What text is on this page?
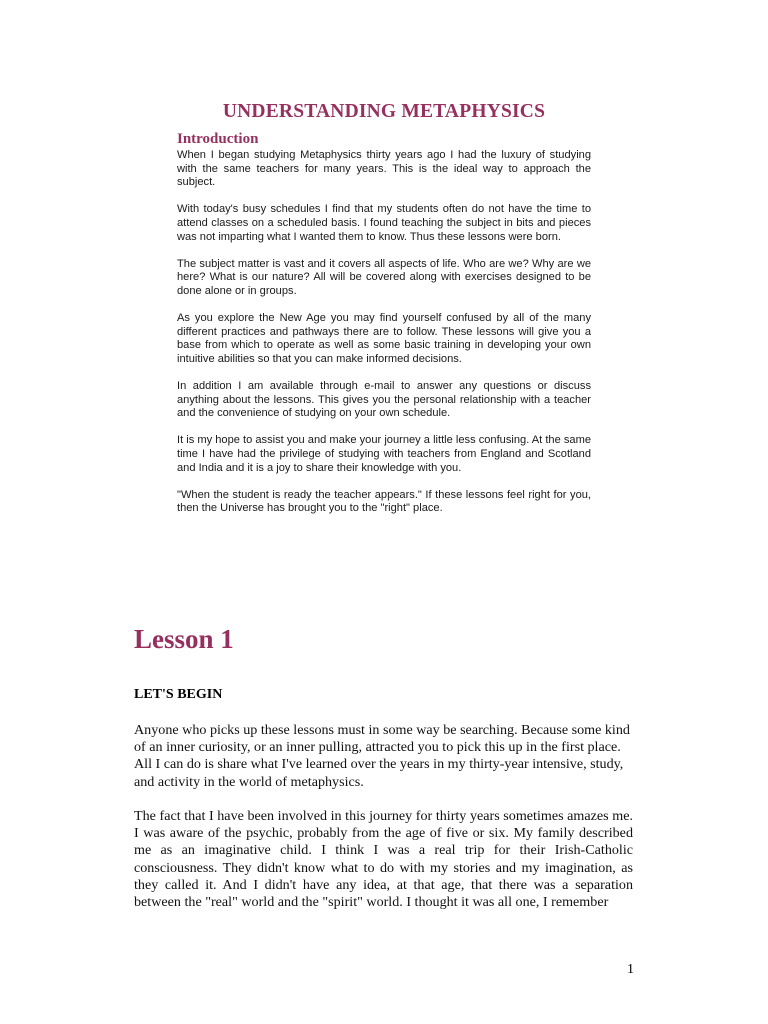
UNDERSTANDING METAPHYSICS
Introduction

When I began studying Metaphysics thirty years ago I had the luxury of studying with the same teachers for many years. This is the ideal way to approach the subject.

With today's busy schedules I find that my students often do not have the time to attend classes on a scheduled basis. I found teaching the subject in bits and pieces was not imparting what I wanted them to know. Thus these lessons were born.

The subject matter is vast and it covers all aspects of life. Who are we? Why are we here? What is our nature? All will be covered along with exercises designed to be done alone or in groups.

As you explore the New Age you may find yourself confused by all of the many different practices and pathways there are to follow. These lessons will give you a base from which to operate as well as some basic training in developing your own intuitive abilities so that you can make informed decisions.

In addition I am available through e-mail to answer any questions or discuss anything about the lessons. This gives you the personal relationship with a teacher and the convenience of studying on your own schedule.

It is my hope to assist you and make your journey a little less confusing. At the same time I have had the privilege of studying with teachers from England and Scotland and India and it is a joy to share their knowledge with you.

"When the student is ready the teacher appears." If these lessons feel right for you, then the Universe has brought you to the "right" place.

Lesson 1
LET'S BEGIN

Anyone who picks up these lessons must in some way be searching. Because some kind of an inner curiosity, or an inner pulling, attracted you to pick this up in the first place. All I can do is share what I've learned over the years in my thirty-year intensive, study, and activity in the world of metaphysics.

The fact that I have been involved in this journey for thirty years sometimes amazes me. I was aware of the psychic, probably from the age of five or six. My family described me as an imaginative child. I think I was a real trip for their Irish-Catholic consciousness. They didn't know what to do with my stories and my imagination, as they called it. And I didn't have any idea, at that age, that there was a separation between the "real" world and the "spirit" world. I thought it was all one, I remember

1
